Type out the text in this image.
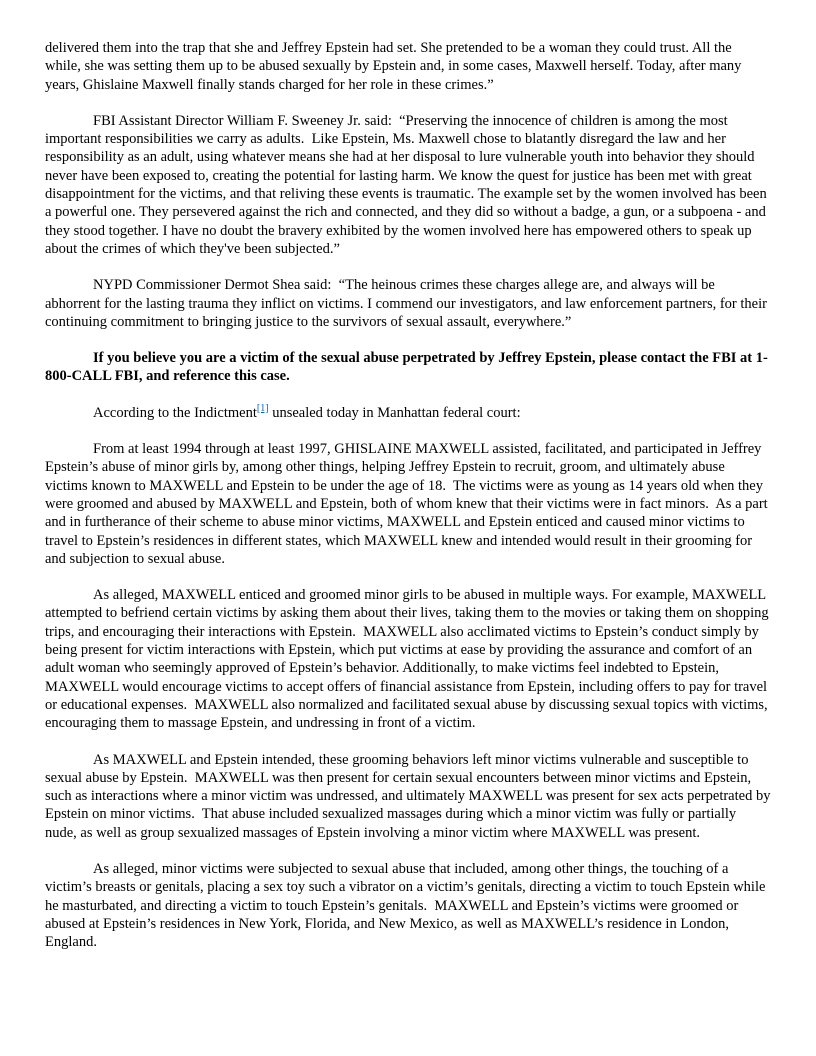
delivered them into the trap that she and Jeffrey Epstein had set. She pretended to be a woman they could trust. All the while, she was setting them up to be abused sexually by Epstein and, in some cases, Maxwell herself. Today, after many years, Ghislaine Maxwell finally stands charged for her role in these crimes.”

FBI Assistant Director William F. Sweeney Jr. said:  “Preserving the innocence of children is among the most important responsibilities we carry as adults.  Like Epstein, Ms. Maxwell chose to blatantly disregard the law and her responsibility as an adult, using whatever means she had at her disposal to lure vulnerable youth into behavior they should never have been exposed to, creating the potential for lasting harm. We know the quest for justice has been met with great disappointment for the victims, and that reliving these events is traumatic. The example set by the women involved has been a powerful one. They persevered against the rich and connected, and they did so without a badge, a gun, or a subpoena - and they stood together. I have no doubt the bravery exhibited by the women involved here has empowered others to speak up about the crimes of which they've been subjected.”

NYPD Commissioner Dermot Shea said:  “The heinous crimes these charges allege are, and always will be abhorrent for the lasting trauma they inflict on victims. I commend our investigators, and law enforcement partners, for their continuing commitment to bringing justice to the survivors of sexual assault, everywhere.”

If you believe you are a victim of the sexual abuse perpetrated by Jeffrey Epstein, please contact the FBI at 1-800-CALL FBI, and reference this case.

According to the Indictment[1] unsealed today in Manhattan federal court:

From at least 1994 through at least 1997, GHISLAINE MAXWELL assisted, facilitated, and participated in Jeffrey Epstein’s abuse of minor girls by, among other things, helping Jeffrey Epstein to recruit, groom, and ultimately abuse victims known to MAXWELL and Epstein to be under the age of 18.  The victims were as young as 14 years old when they were groomed and abused by MAXWELL and Epstein, both of whom knew that their victims were in fact minors.  As a part and in furtherance of their scheme to abuse minor victims, MAXWELL and Epstein enticed and caused minor victims to travel to Epstein’s residences in different states, which MAXWELL knew and intended would result in their grooming for and subjection to sexual abuse.

As alleged, MAXWELL enticed and groomed minor girls to be abused in multiple ways. For example, MAXWELL attempted to befriend certain victims by asking them about their lives, taking them to the movies or taking them on shopping trips, and encouraging their interactions with Epstein.  MAXWELL also acclimated victims to Epstein’s conduct simply by being present for victim interactions with Epstein, which put victims at ease by providing the assurance and comfort of an adult woman who seemingly approved of Epstein’s behavior. Additionally, to make victims feel indebted to Epstein, MAXWELL would encourage victims to accept offers of financial assistance from Epstein, including offers to pay for travel or educational expenses.  MAXWELL also normalized and facilitated sexual abuse by discussing sexual topics with victims, encouraging them to massage Epstein, and undressing in front of a victim.

As MAXWELL and Epstein intended, these grooming behaviors left minor victims vulnerable and susceptible to sexual abuse by Epstein.  MAXWELL was then present for certain sexual encounters between minor victims and Epstein, such as interactions where a minor victim was undressed, and ultimately MAXWELL was present for sex acts perpetrated by Epstein on minor victims.  That abuse included sexualized massages during which a minor victim was fully or partially nude, as well as group sexualized massages of Epstein involving a minor victim where MAXWELL was present.

As alleged, minor victims were subjected to sexual abuse that included, among other things, the touching of a victim’s breasts or genitals, placing a sex toy such a vibrator on a victim’s genitals, directing a victim to touch Epstein while he masturbated, and directing a victim to touch Epstein’s genitals.  MAXWELL and Epstein’s victims were groomed or abused at Epstein’s residences in New York, Florida, and New Mexico, as well as MAXWELL’s residence in London, England.
